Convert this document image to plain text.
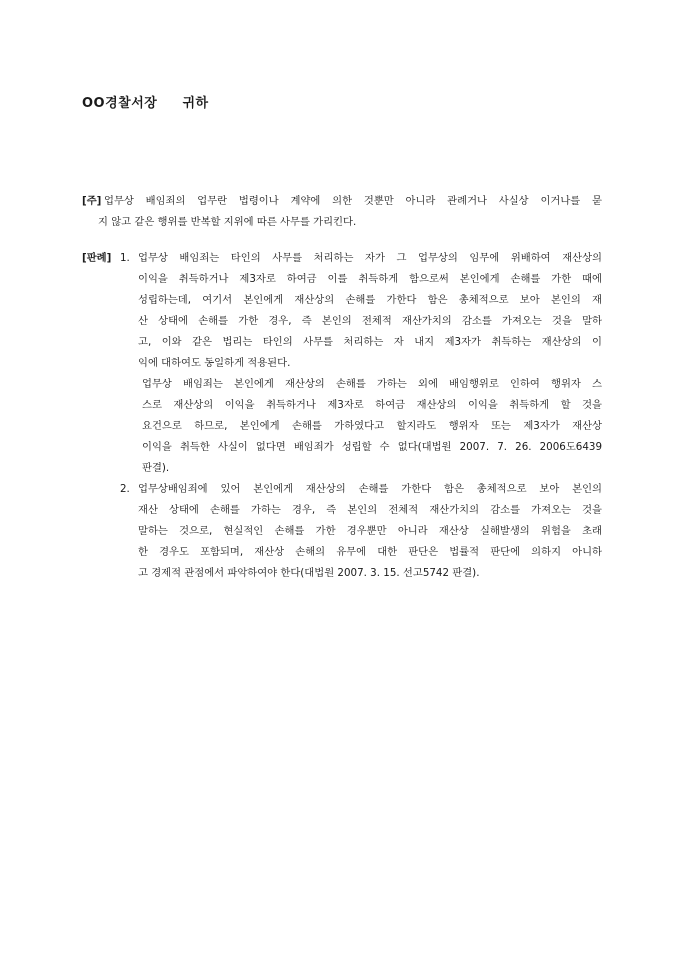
OO경찰서장     귀하
[주] 업무상 배임죄의 업무란 법령이나 계약에 의한 것뿐만 아니라 관례거나 사실상 이거나를 묻
지 않고 같은 행위를 반복할 지위에 따른 사무를 가리킨다.
[판례] 1. 업무상 배임죄는 타인의 사무를 처리하는 자가 그 업무상의 임무에 위배하여 재산상의
이익을 취득하거나 제3자로 하여금 이를 취득하게 함으로써 본인에게 손해를 가한 때에
성립하는데, 여기서 본인에게 재산상의 손해를 가한다 함은 총체적으로 보아 본인의 재
산 상태에 손해를 가한 경우, 즉 본인의 전체적 재산가치의 감소를 가져오는 것을 말하
고, 이와 같은 법리는 타인의 사무를 처리하는 자 내지 제3자가 취득하는 재산상의 이
익에 대하여도 동일하게 적용된다.
업무상 배임죄는 본인에게 재산상의 손해를 가하는 외에 배임행위로 인하여 행위자 스
스로 재산상의 이익을 취득하거나 제3자로 하여금 재산상의 이익을 취득하게 할 것을
요건으로 하므로, 본인에게 손해를 가하였다고 할지라도 행위자 또는 제3자가 재산상
이익을 취득한 사실이 없다면 배임죄가 성립할 수 없다(대법원 2007. 7. 26. 2006도6439
판결).
2. 업무상배임죄에 있어 본인에게 재산상의 손해를 가한다 함은 총체적으로 보아 본인의
재산 상태에 손해를 가하는 경우, 즉 본인의 전체적 재산가치의 감소를 가져오는 것을
말하는 것으로, 현실적인 손해를 가한 경우뿐만 아니라 재산상 실해발생의 위험을 초래
한 경우도 포함되며, 재산상 손해의 유무에 대한 판단은 법률적 판단에 의하지 아니하
고 경제적 관점에서 파악하여야 한다(대법원 2007. 3. 15. 선고5742 판결).
